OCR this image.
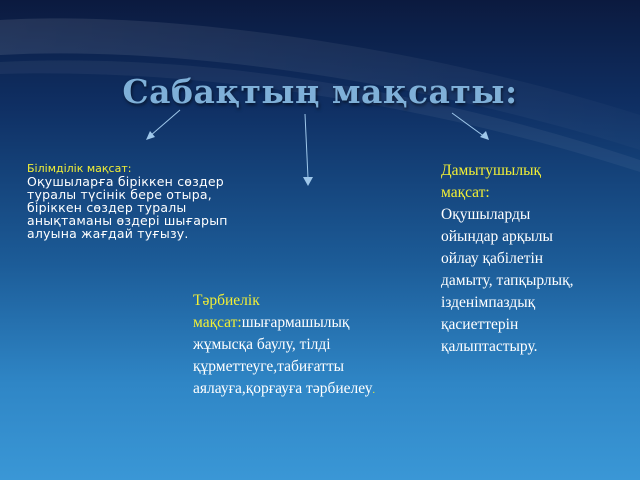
Сабақтың мақсаты:
Білімділік мақсат:
Оқушыларға біріккен сөздер туралы түсінік бере отыра, біріккен сөздер туралы анықтаманы өздері шығарып алуына жағдай туғызу.
Дамытушылық мақсат:
Оқушыларды ойындар арқылы ойлау қабілетін дамыту, тапқырлық, ізденімпаздық қасиеттерін қалыптастыру.
Тәрбиелік мақсат:шығармашылық жұмысқа баулу, тілді құрметтеуге,табиғатты аялауға,қорғауға тәрбиелеу.
